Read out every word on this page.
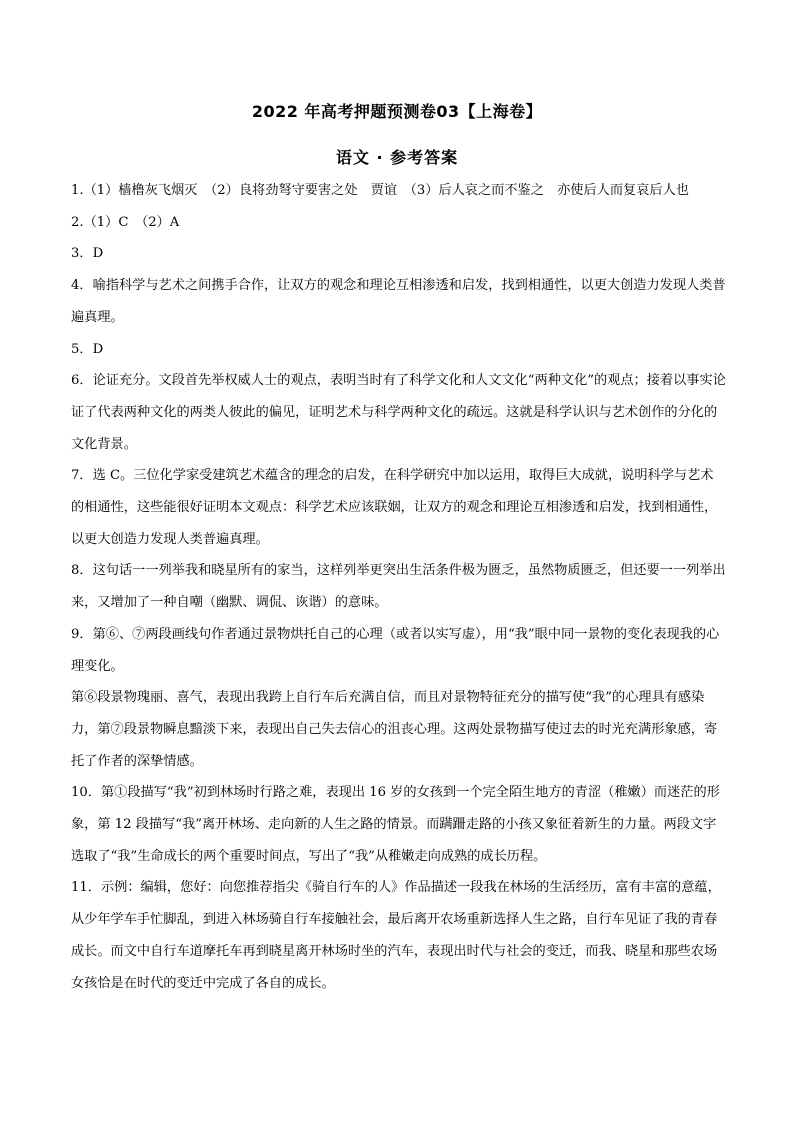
2022 年高考押题预测卷03【上海卷】
语文 · 参考答案

1.（1）樯橹灰飞烟灭　（2）良将劲弩守要害之处　贾谊　（3）后人哀之而不鉴之　亦使后人而复哀后人也

2.（1）C　（2）A

3．D

4．喻指科学与艺术之间携手合作，让双方的观念和理论互相渗透和启发，找到相通性，以更大创造力发现人类普遍真理。

5．D

6．论证充分。文段首先举权威人士的观点，表明当时有了科学文化和人文文化“两种文化”的观点；接着以事实论证了代表两种文化的两类人彼此的偏见，证明艺术与科学两种文化的疏远。这就是科学认识与艺术创作的分化的文化背景。

7．选 C。三位化学家受建筑艺术蕴含的理念的启发，在科学研究中加以运用，取得巨大成就，说明科学与艺术的相通性，这些能很好证明本文观点：科学艺术应该联姻，让双方的观念和理论互相渗透和启发，找到相通性，以更大创造力发现人类普遍真理。

8．这句话一一列举我和晓星所有的家当，这样列举更突出生活条件极为匮乏，虽然物质匮乏，但还要一一列举出来，又增加了一种自嘲（幽默、调侃、诙谐）的意味。

9．第⑥、⑦两段画线句作者通过景物烘托自己的心理（或者以实写虚），用“我”眼中同一景物的变化表现我的心理变化。

第⑥段景物瑰丽、喜气，表现出我跨上自行车后充满自信，而且对景物特征充分的描写使“我”的心理具有感染力，第⑦段景物瞬息黯淡下来，表现出自己失去信心的沮丧心理。这两处景物描写使过去的时光充满形象感，寄托了作者的深挚情感。

10．第①段描写“我”初到林场时行路之难，表现出 16 岁的女孩到一个完全陌生地方的青涩（稚嫩）而迷茫的形象，第 12 段描写“我”离开林场、走向新的人生之路的情景。而蹒跚走路的小孩又象征着新生的力量。两段文字选取了“我”生命成长的两个重要时间点，写出了“我”从稚嫩走向成熟的成长历程。

11．示例：编辑，您好：向您推荐指尖《骑自行车的人》作品描述一段我在林场的生活经历，富有丰富的意蕴，从少年学车手忙脚乱，到进入林场骑自行车接触社会，最后离开农场重新选择人生之路，自行车见证了我的青春成长。而文中自行车道摩托车再到晓星离开林场时坐的汽车，表现出时代与社会的变迁，而我、晓星和那些农场女孩恰是在时代的变迁中完成了各自的成长。
